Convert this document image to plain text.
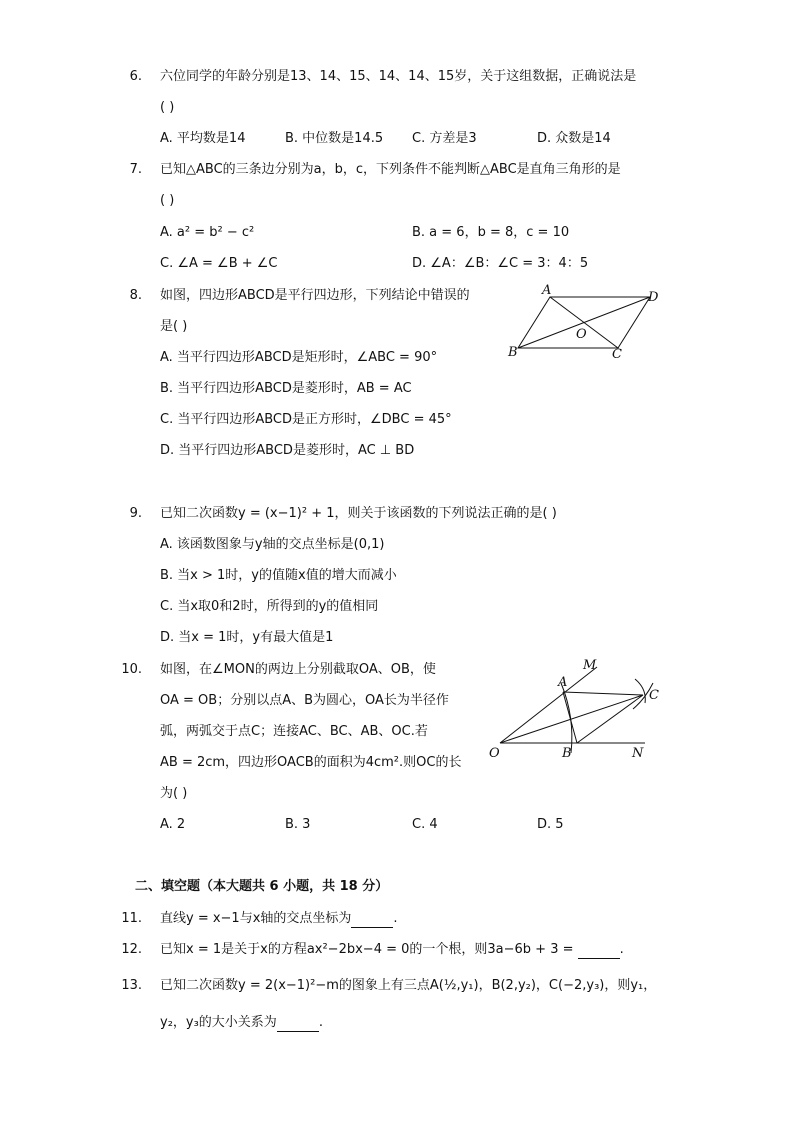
6. 六位同学的年龄分别是13、14、15、14、14、15岁，关于这组数据，正确说法是
( )
A. 平均数是14	B. 中位数是14.5 C. 方差是3	D. 众数是14
7. 已知△ABC的三条边分别为a，b，c，下列条件不能判断△ABC是直角三角形的是
( )
A. a² = b² − c²	B. a = 6，b = 8，c = 10
C. ∠A = ∠B + ∠C	D. ∠A：∠B：∠C = 3：4：5
8. 如图，四边形ABCD是平行四边形，下列结论中错误的
是( )
A. 当平行四边形ABCD是矩形时，∠ABC = 90°
B. 当平行四边形ABCD是菱形时，AB = AC
C. 当平行四边形ABCD是正方形时，∠DBC = 45°
D. 当平行四边形ABCD是菱形时，AC ⊥ BD
A	D
O
B	C
9. 已知二次函数y = (x−1)² + 1，则关于该函数的下列说法正确的是( )
A. 该函数图象与y轴的交点坐标是(0,1)
B. 当x > 1时，y的值随x值的增大而减小
C. 当x取0和2时，所得到的y的值相同
D. 当x = 1时，y有最大值是1
10. 如图，在∠MON的两边上分别截取OA、OB，使
OA = OB；分别以点A、B为圆心，OA长为半径作
弧，两弧交于点C；连接AC、BC、AB、OC.若
AB = 2cm，四边形OACB的面积为4cm².则OC的长
为( )
A. 2	B. 3	C. 4	D. 5
M
A
C
O	B	N
二、填空题（本大题共 6 小题，共 18 分）
11. 直线y = x−1与x轴的交点坐标为	.
12. 已知x = 1是关于x的方程ax²−2bx−4 = 0的一个根，则3a−6b + 3 =	.
13. 已知二次函数y = 2(x−1)²−m的图象上有三点A(½,y₁)，B(2,y₂)，C(−2,y₃)，则y₁，
y₂，y₃的大小关系为	.
